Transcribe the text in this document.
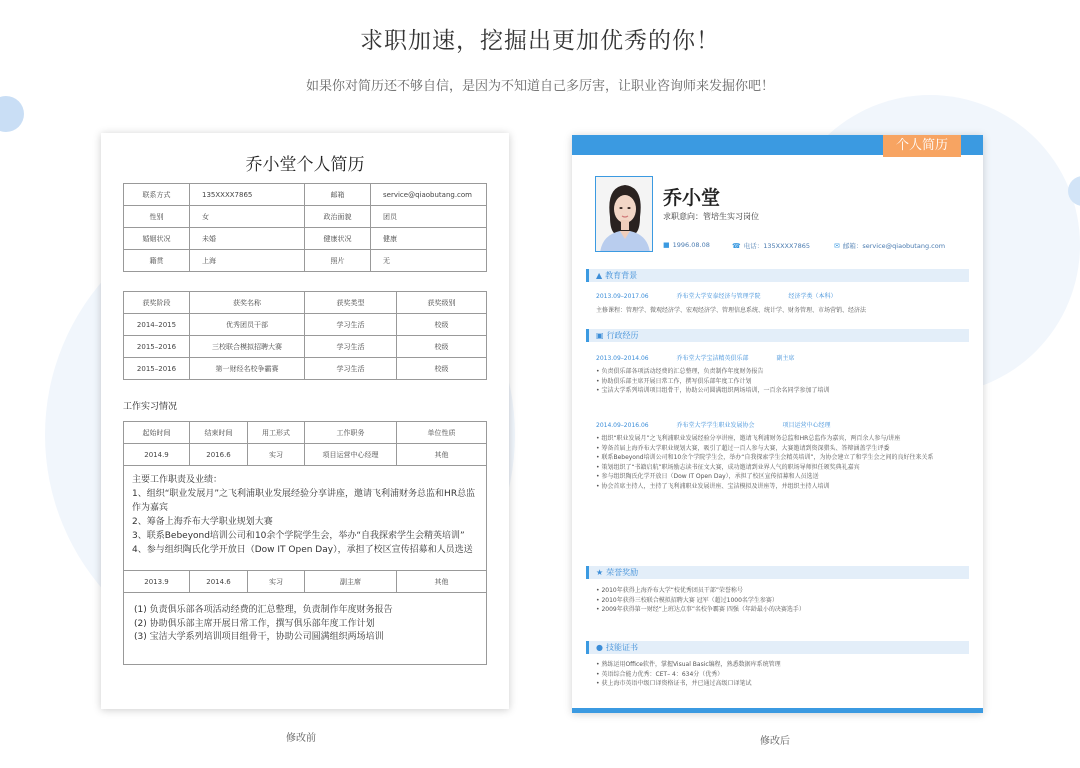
求职加速，挖掘出更加优秀的你！
如果你对简历还不够自信，是因为不知道自己多厉害，让职业咨询师来发掘你吧！
乔小堂个人简历
联系方式	135XXXX7865	邮箱	service@qiaobutang.com
性别	女	政治面貌	团员
婚姻状况	未婚	健康状况	健康
籍贯	上海	照片	无
获奖阶段	获奖名称	获奖类型	获奖级别
2014–2015	优秀团员干部	学习生活	校级
2015–2016	三校联合模拟招聘大赛	学习生活	校级
2015–2016	第一财经名校争霸赛	学习生活	校级
工作实习情况
起始时间	结束时间	用工形式	工作职务	单位性质
2014.9	2016.6	实习	项目运营中心经理	其他

主要工作职责及业绩：
1、组织“职业发展月”之飞利浦职业发展经验分享讲座，邀请飞利浦财务总监和HR总监作为嘉宾
2、筹备上海乔布大学职业规划大赛
3、联系Bebeyond培训公司和10余个学院学生会，举办“自我探索学生会精英培训”
4、参与组织陶氏化学开放日（Dow IT Open Day），承担了校区宣传招募和人员选送				

2013.9	2014.6	实习	副主席	其他

(1) 负责俱乐部各项活动经费的汇总整理，负责制作年度财务报告
(2) 协助俱乐部主席开展日常工作，撰写俱乐部年度工作计划
(3) 宝洁大学系列培训项目组骨干，协助公司圆满组织两场培训				
个人简历
乔小堂
求职意向：管培生实习岗位
■ 1996.08.08	☎ 电话：135XXXX7865	✉ 邮箱：service@qiaobutang.com
▲ 教育背景
2013.09–2017.06	乔布堂大学安泰经济与管理学院	经济学类（本科）
主修课程：管理学、微观经济学、宏观经济学、管理信息系统、统计学、财务管理、市场营销、经济法
▣ 行政经历
2013.09–2014.06	乔布堂大学宝洁精英俱乐部	副主席
• 负责俱乐部各项活动经费的汇总整理，负责制作年度财务报告
• 协助俱乐部主席开展日常工作，撰写俱乐部年度工作计划
• 宝洁大学系列培训项目组骨干，协助公司圆满组织两场培训，一百余名同学参加了培训
2014.09–2016.06	乔布堂大学学生职业发展协会	项目运营中心经理
• 组织“职业发展月”之飞利浦职业发展经验分享讲座，邀请飞利浦财务总监和HR总监作为嘉宾，两百余人参与/讲座
• 筹备首届上海乔布大学职业规划大赛，吸引了超过一百人参与大赛，大赛邀请到资深猎头、答辩涵盖学生评委
• 联系Bebeyond培训公司和10余个学院学生会，举办“自我探索学生会精英培训”，为协会建立了和学生会之间的良好往来关系
• 策划组织了“书籍启航”职场励志读书征文大赛，成功邀请到业界人气的职场导师担任颁奖典礼嘉宾
• 参与组织陶氏化学开放日（Dow IT Open Day），承担了校区宣传招募和人员选送
• 协会首席主持人，主持了飞利浦职业发展讲座、宝洁模拟及讲座等，并组织主持人培训
★ 荣誉奖励
• 2010年获得上海乔布大学“校优秀团员干部”荣誉称号
• 2010年获得三校联合模拟招聘大赛 冠军（超过1000名学生参赛）
• 2009年获得第一财经“上班达点事”名校争霸赛 四强（年龄最小的决赛选手）
● 技能证书
• 熟练运用Office软件，掌握Visual Basic编程，熟悉数据库系统管理
• 英语综合能力优秀：CET– 4：634分（优秀）
• 获上海市英语中级口译资格证书，并已通过高级口译笔试
修改前	修改后
